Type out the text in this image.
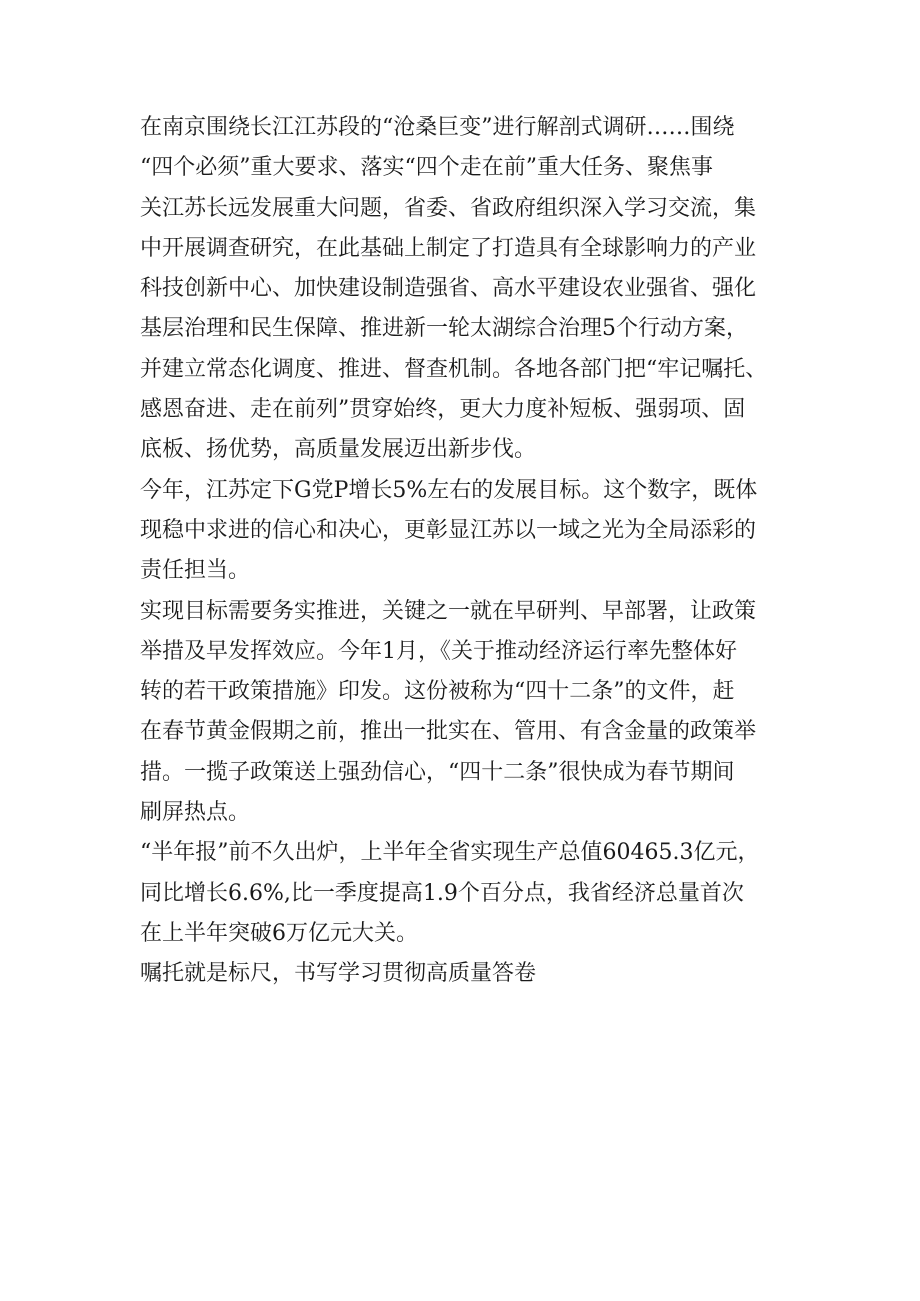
在南京围绕长江江苏段的“沧桑巨变”进行解剖式调研……围绕
“四个必须”重大要求、落实“四个走在前”重大任务、聚焦事
关江苏长远发展重大问题，省委、省政府组织深入学习交流，集
中开展调查研究，在此基础上制定了打造具有全球影响力的产业
科技创新中心、加快建设制造强省、高水平建设农业强省、强化
基层治理和民生保障、推进新一轮太湖综合治理5个行动方案，
并建立常态化调度、推进、督查机制。各地各部门把“牢记嘱托、
感恩奋进、走在前列”贯穿始终，更大力度补短板、强弱项、固
底板、扬优势，高质量发展迈出新步伐。
今年，江苏定下G党P增长5%左右的发展目标。这个数字，既体
现稳中求进的信心和决心，更彰显江苏以一域之光为全局添彩的
责任担当。
实现目标需要务实推进，关键之一就在早研判、早部署，让政策
举措及早发挥效应。今年1月，《关于推动经济运行率先整体好
转的若干政策措施》印发。这份被称为“四十二条”的文件，赶
在春节黄金假期之前，推出一批实在、管用、有含金量的政策举
措。一揽子政策送上强劲信心，“四十二条”很快成为春节期间
刷屏热点。
“半年报”前不久出炉，上半年全省实现生产总值60465.3亿元，
同比增长6.6%,比一季度提高1.9个百分点，我省经济总量首次
在上半年突破6万亿元大关。
嘱托就是标尺，书写学习贯彻高质量答卷
